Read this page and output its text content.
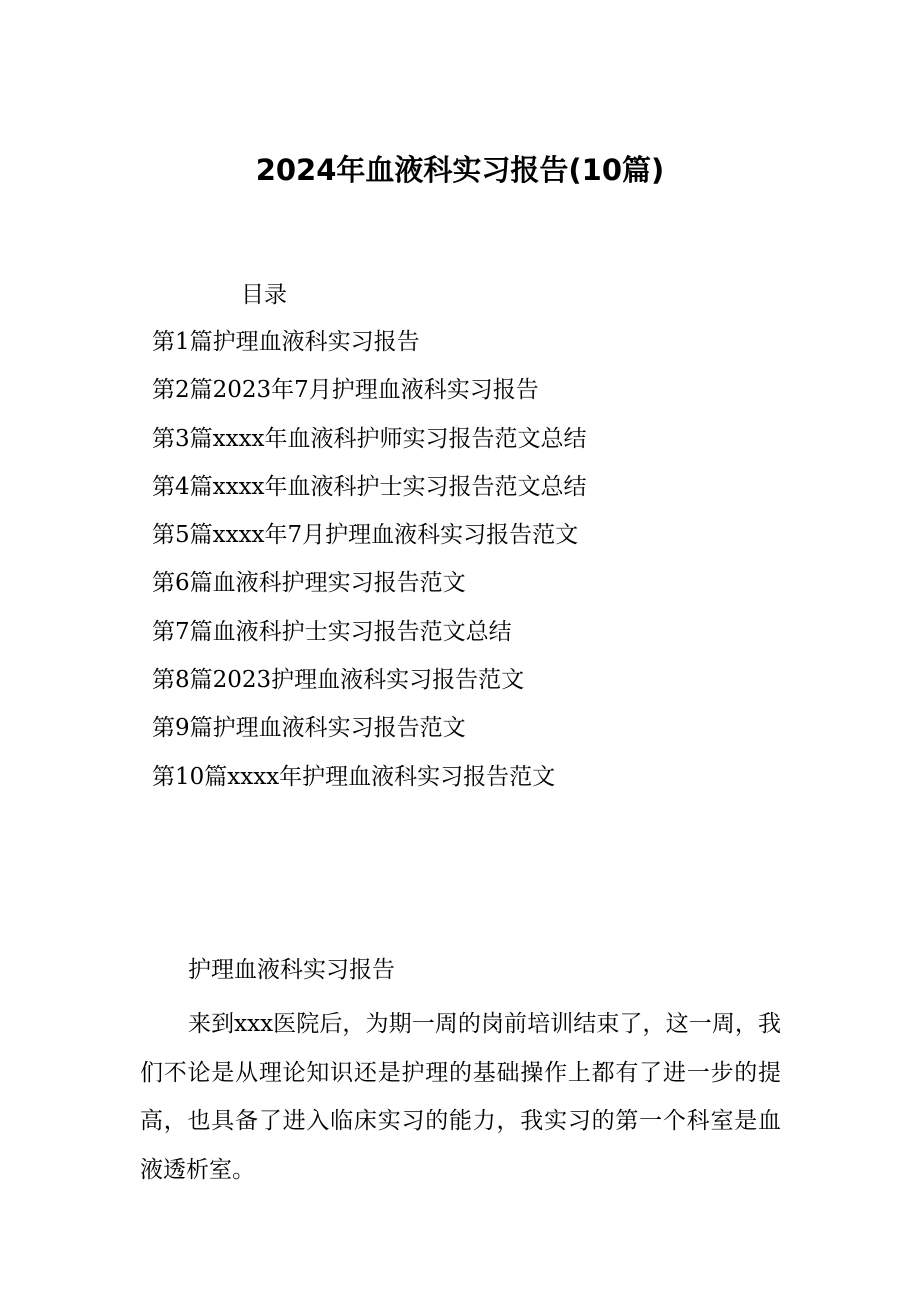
2024年血液科实习报告(10篇)

目录

第1篇护理血液科实习报告
第2篇2023年7月护理血液科实习报告
第3篇xxxx年血液科护师实习报告范文总结
第4篇xxxx年血液科护士实习报告范文总结
第5篇xxxx年7月护理血液科实习报告范文
第6篇血液科护理实习报告范文
第7篇血液科护士实习报告范文总结
第8篇2023护理血液科实习报告范文
第9篇护理血液科实习报告范文
第10篇xxxx年护理血液科实习报告范文

护理血液科实习报告

来到xxx医院后，为期一周的岗前培训结束了，这一周，我们不论是从理论知识还是护理的基础操作上都有了进一步的提高，也具备了进入临床实习的能力，我实习的第一个科室是血液透析室。
